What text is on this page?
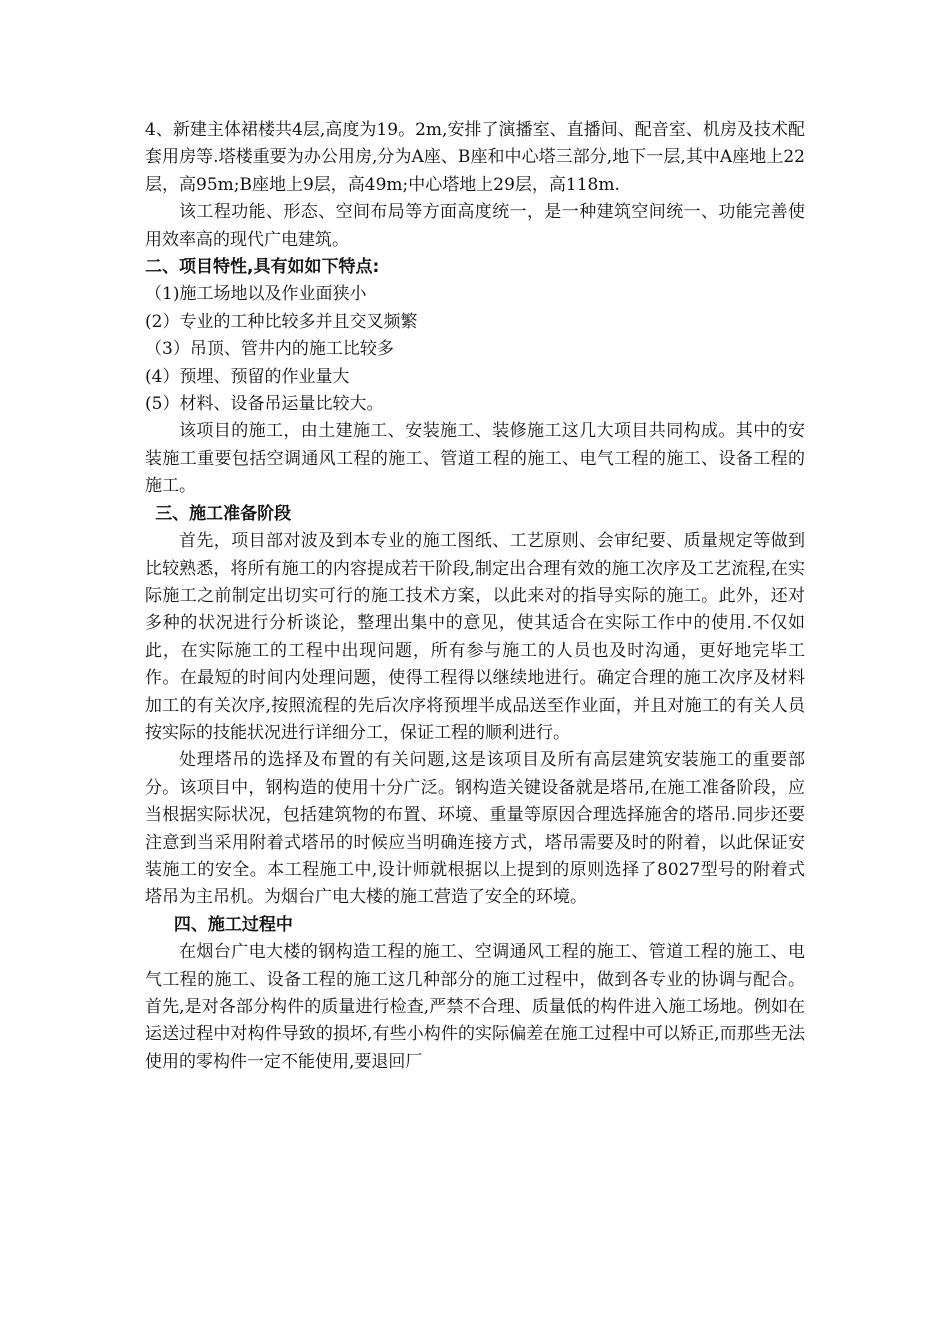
4、新建主体裙楼共4层,高度为19。2m,安排了演播室、直播间、配音室、机房及技术配套用房等.塔楼重要为办公用房,分为A座、B座和中心塔三部分,地下一层,其中A座地上22层，高95m;B座地上9层，高49m;中心塔地上29层，高118m.

该工程功能、形态、空间布局等方面高度统一，是一种建筑空间统一、功能完善使用效率高的现代广电建筑。

二、项目特性,具有如如下特点:

（1)施工场地以及作业面狭小

(2）专业的工种比较多并且交叉频繁

（3）吊顶、管井内的施工比较多

(4）预埋、预留的作业量大

(5）材料、设备吊运量比较大。

该项目的施工，由土建施工、安装施工、装修施工这几大项目共同构成。其中的安装施工重要包括空调通风工程的施工、管道工程的施工、电气工程的施工、设备工程的施工。

三、施工准备阶段

首先，项目部对波及到本专业的施工图纸、工艺原则、会审纪要、质量规定等做到比较熟悉，将所有施工的内容提成若干阶段,制定出合理有效的施工次序及工艺流程,在实际施工之前制定出切实可行的施工技术方案，以此来对的指导实际的施工。此外，还对多种的状况进行分析谈论，整理出集中的意见，使其适合在实际工作中的使用.不仅如此，在实际施工的工程中出现问题，所有参与施工的人员也及时沟通，更好地完毕工作。在最短的时间内处理问题，使得工程得以继续地进行。确定合理的施工次序及材料加工的有关次序,按照流程的先后次序将预埋半成品送至作业面，并且对施工的有关人员按实际的技能状况进行详细分工，保证工程的顺利进行。

处理塔吊的选择及布置的有关问题,这是该项目及所有高层建筑安装施工的重要部分。该项目中，钢构造的使用十分广泛。钢构造关键设备就是塔吊,在施工准备阶段，应当根据实际状况，包括建筑物的布置、环境、重量等原因合理选择施舍的塔吊.同步还要注意到当采用附着式塔吊的时候应当明确连接方式，塔吊需要及时的附着，以此保证安装施工的安全。本工程施工中,设计师就根据以上提到的原则选择了8027型号的附着式塔吊为主吊机。为烟台广电大楼的施工营造了安全的环境。

四、施工过程中

在烟台广电大楼的钢构造工程的施工、空调通风工程的施工、管道工程的施工、电气工程的施工、设备工程的施工这几种部分的施工过程中，做到各专业的协调与配合。首先,是对各部分构件的质量进行检查,严禁不合理、质量低的构件进入施工场地。例如在运送过程中对构件导致的损坏,有些小构件的实际偏差在施工过程中可以矫正,而那些无法使用的零构件一定不能使用,要退回厂
